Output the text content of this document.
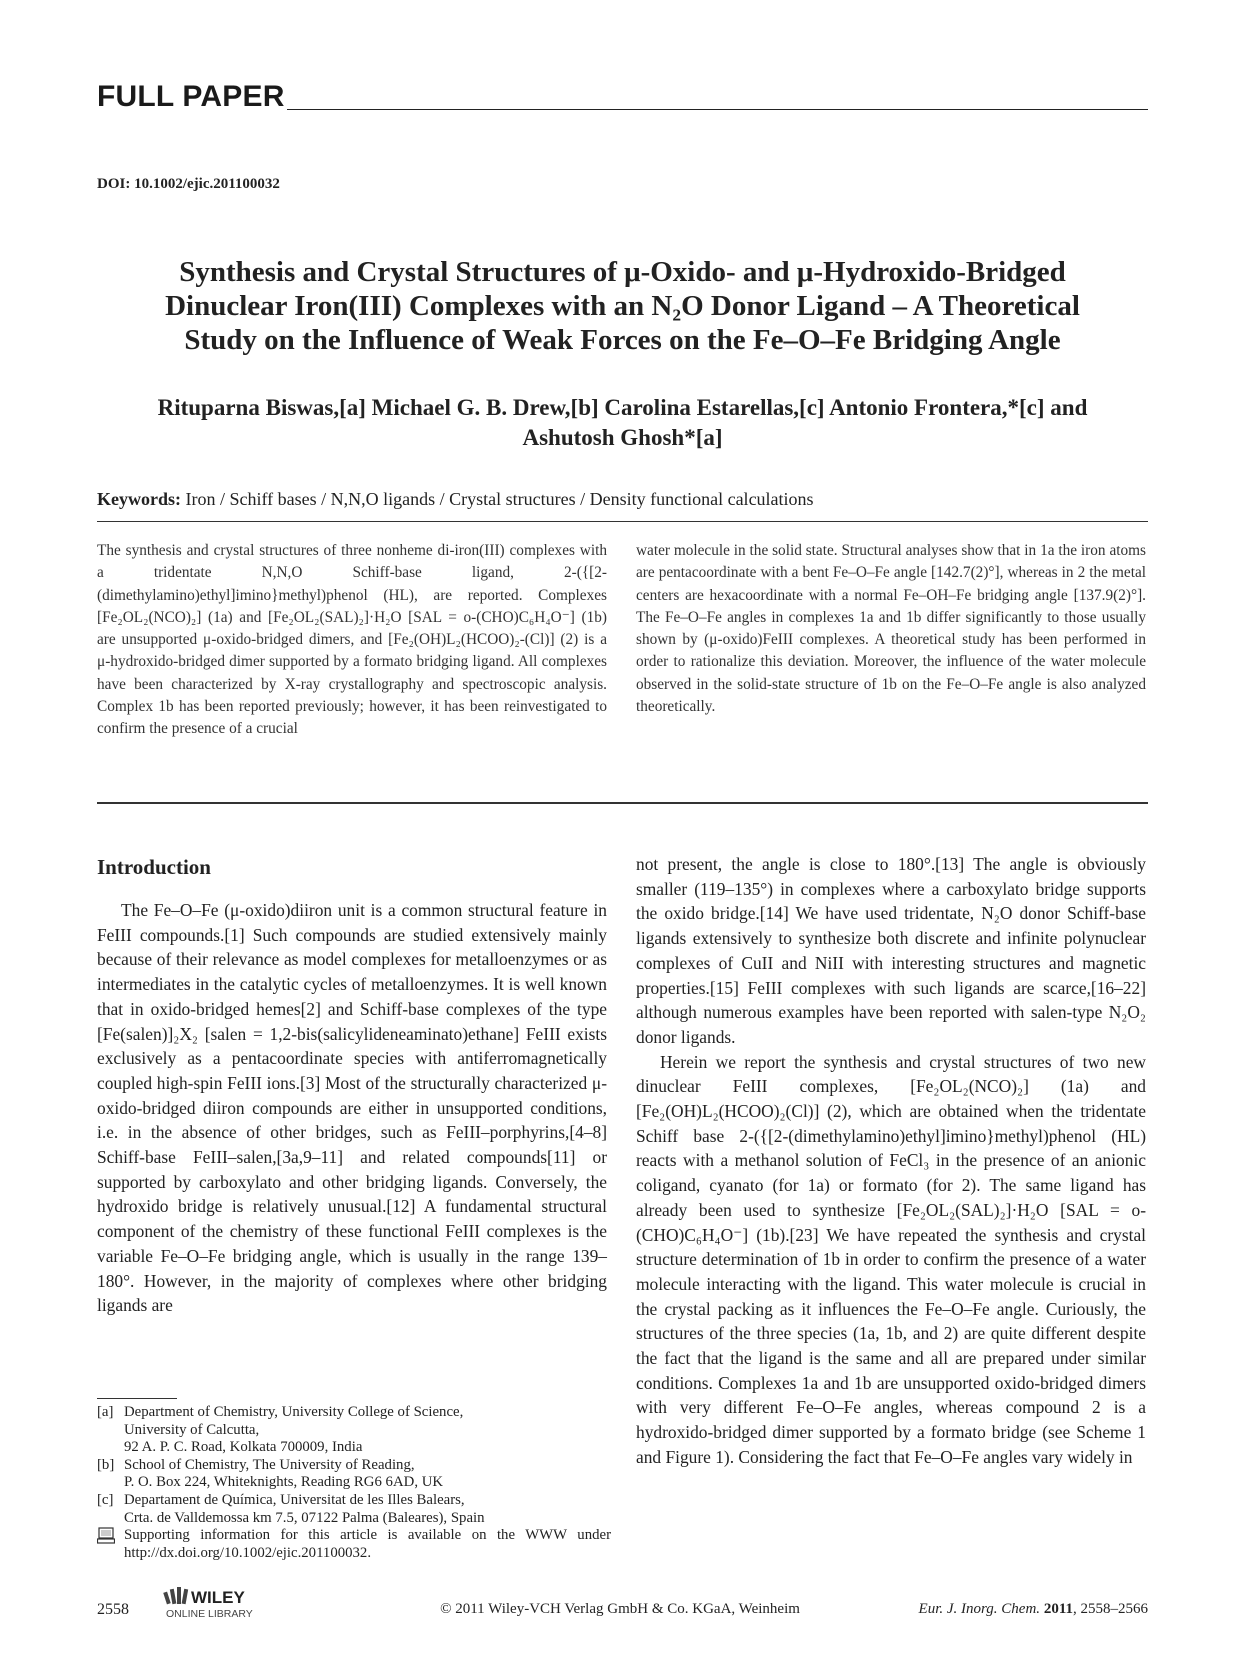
FULL PAPER
DOI: 10.1002/ejic.201100032
Synthesis and Crystal Structures of μ-Oxido- and μ-Hydroxido-Bridged
Dinuclear Iron(III) Complexes with an N₂O Donor Ligand – A Theoretical
Study on the Influence of Weak Forces on the Fe–O–Fe Bridging Angle
Rituparna Biswas,[a] Michael G. B. Drew,[b] Carolina Estarellas,[c] Antonio Frontera,*[c] and
Ashutosh Ghosh*[a]
Keywords: Iron / Schiff bases / N,N,O ligands / Crystal structures / Density functional calculations

The synthesis and crystal structures of three nonheme di-iron(III) complexes with a tridentate N,N,O Schiff-base ligand, 2-({[2-(dimethylamino)ethyl]imino}methyl)phenol (HL), are reported. Complexes [Fe₂OL₂(NCO)₂] (1a) and [Fe₂OL₂(SAL)₂]·H₂O [SAL = o-(CHO)C₆H₄O⁻] (1b) are unsupported μ-oxido-bridged dimers, and [Fe₂(OH)L₂(HCOO)₂-(Cl)] (2) is a μ-hydroxido-bridged dimer supported by a formato bridging ligand. All complexes have been characterized by X-ray crystallography and spectroscopic analysis. Complex 1b has been reported previously; however, it has been reinvestigated to confirm the presence of a crucial

water molecule in the solid state. Structural analyses show that in 1a the iron atoms are pentacoordinate with a bent Fe–O–Fe angle [142.7(2)°], whereas in 2 the metal centers are hexacoordinate with a normal Fe–OH–Fe bridging angle [137.9(2)°]. The Fe–O–Fe angles in complexes 1a and 1b differ significantly to those usually shown by (μ-oxido)FeIII complexes. A theoretical study has been performed in order to rationalize this deviation. Moreover, the influence of the water molecule observed in the solid-state structure of 1b on the Fe–O–Fe angle is also analyzed theoretically.

Introduction

The Fe–O–Fe (μ-oxido)diiron unit is a common structural feature in FeIII compounds.[1] Such compounds are studied extensively mainly because of their relevance as model complexes for metalloenzymes or as intermediates in the catalytic cycles of metalloenzymes. It is well known that in oxido-bridged hemes[2] and Schiff-base complexes of the type [Fe(salen)]₂X₂ [salen = 1,2-bis(salicylideneaminato)ethane] FeIII exists exclusively as a pentacoordinate species with antiferromagnetically coupled high-spin FeIII ions.[3] Most of the structurally characterized μ-oxido-bridged diiron compounds are either in unsupported conditions, i.e. in the absence of other bridges, such as FeIII–porphyrins,[4–8] Schiff-base FeIII–salen,[3a,9–11] and related compounds[11] or supported by carboxylato and other bridging ligands. Conversely, the hydroxido bridge is relatively unusual.[12] A fundamental structural component of the chemistry of these functional FeIII complexes is the variable Fe–O–Fe bridging angle, which is usually in the range 139–180°. However, in the majority of complexes where other bridging ligands are

not present, the angle is close to 180°.[13] The angle is obviously smaller (119–135°) in complexes where a carboxylato bridge supports the oxido bridge.[14] We have used tridentate, N₂O donor Schiff-base ligands extensively to synthesize both discrete and infinite polynuclear complexes of CuII and NiII with interesting structures and magnetic properties.[15] FeIII complexes with such ligands are scarce,[16–22] although numerous examples have been reported with salen-type N₂O₂ donor ligands.

Herein we report the synthesis and crystal structures of two new dinuclear FeIII complexes, [Fe₂OL₂(NCO)₂] (1a) and [Fe₂(OH)L₂(HCOO)₂(Cl)] (2), which are obtained when the tridentate Schiff base 2-({[2-(dimethylamino)ethyl]imino}methyl)phenol (HL) reacts with a methanol solution of FeCl₃ in the presence of an anionic coligand, cyanato (for 1a) or formato (for 2). The same ligand has already been used to synthesize [Fe₂OL₂(SAL)₂]·H₂O [SAL = o-(CHO)C₆H₄O⁻] (1b).[23] We have repeated the synthesis and crystal structure determination of 1b in order to confirm the presence of a water molecule interacting with the ligand. This water molecule is crucial in the crystal packing as it influences the Fe–O–Fe angle. Curiously, the structures of the three species (1a, 1b, and 2) are quite different despite the fact that the ligand is the same and all are prepared under similar conditions. Complexes 1a and 1b are unsupported oxido-bridged dimers with very different Fe–O–Fe angles, whereas compound 2 is a hydroxido-bridged dimer supported by a formato bridge (see Scheme 1 and Figure 1). Considering the fact that Fe–O–Fe angles vary widely in

[a] Department of Chemistry, University College of Science,
University of Calcutta,
92 A. P. C. Road, Kolkata 700009, India
[b] School of Chemistry, The University of Reading,
P. O. Box 224, Whiteknights, Reading RG6 6AD, UK
[c] Departament de Química, Universitat de les Illes Balears,
Crta. de Valldemossa km 7.5, 07122 Palma (Baleares), Spain
Supporting information for this article is available on the WWW under http://dx.doi.org/10.1002/ejic.201100032.
2558
WILEY
ONLINE LIBRARY	© 2011 Wiley-VCH Verlag GmbH & Co. KGaA, Weinheim	Eur. J. Inorg. Chem. 2011, 2558–2566
